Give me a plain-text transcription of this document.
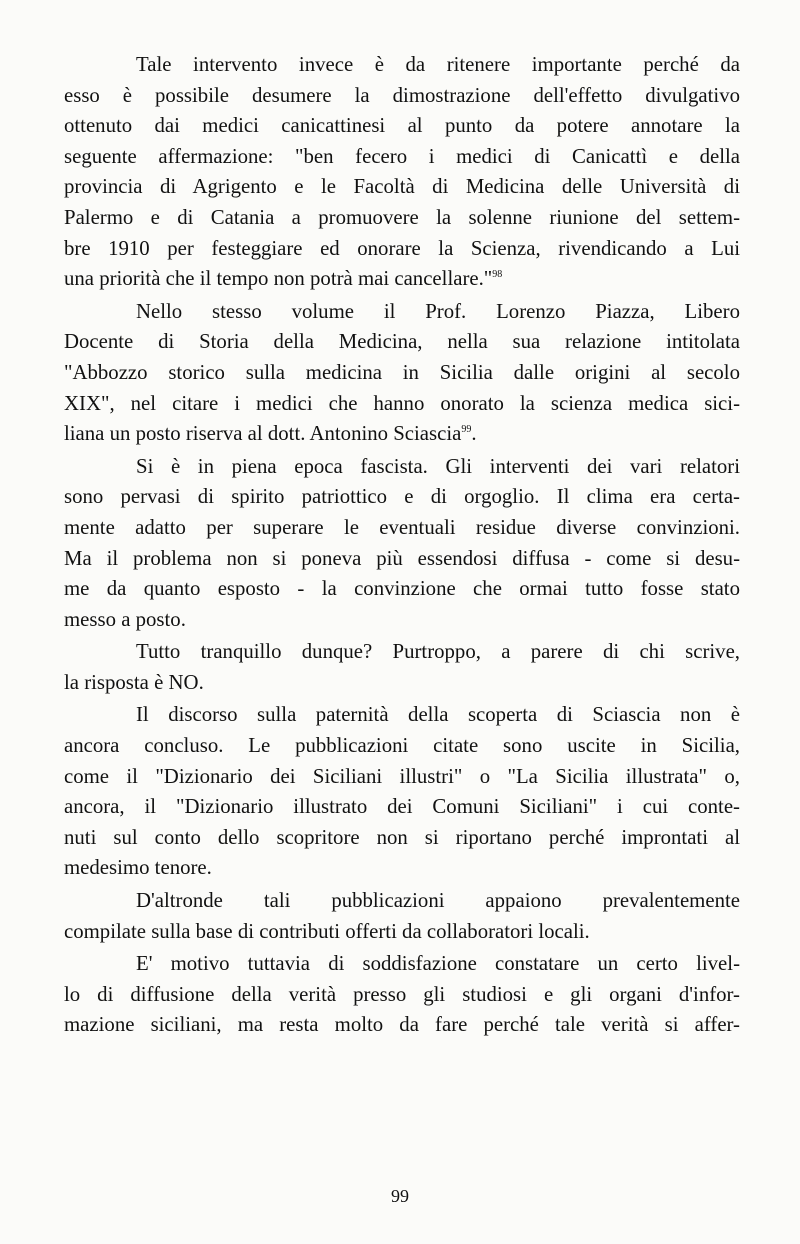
Tale intervento invece è da ritenere importante perché da
esso è possibile desumere la dimostrazione dell'effetto divulgativo
ottenuto dai medici canicattinesi al punto da potere annotare la
seguente affermazione: "ben fecero i medici di Canicattì e della
provincia di Agrigento e le Facoltà di Medicina delle Università di
Palermo e di Catania a promuovere la solenne riunione del settem-
bre 1910 per festeggiare ed onorare la Scienza, rivendicando a Lui
una priorità che il tempo non potrà mai cancellare."$^{98}$

Nello stesso volume il Prof. Lorenzo Piazza, Libero
Docente di Storia della Medicina, nella sua relazione intitolata
"Abbozzo storico sulla medicina in Sicilia dalle origini al secolo
XIX", nel citare i medici che hanno onorato la scienza medica sici-
liana un posto riserva al dott. Antonino Sciascia$^{99}$.

Si è in piena epoca fascista. Gli interventi dei vari relatori
sono pervasi di spirito patriottico e di orgoglio. Il clima era certa-
mente adatto per superare le eventuali residue diverse convinzioni.
Ma il problema non si poneva più essendosi diffusa - come si desu-
me da quanto esposto - la convinzione che ormai tutto fosse stato
messo a posto.

Tutto tranquillo dunque? Purtroppo, a parere di chi scrive,
la risposta è NO.

Il discorso sulla paternità della scoperta di Sciascia non è
ancora concluso. Le pubblicazioni citate sono uscite in Sicilia,
come il "Dizionario dei Siciliani illustri" o "La Sicilia illustrata" o,
ancora, il "Dizionario illustrato dei Comuni Siciliani" i cui conte-
nuti sul conto dello scopritore non si riportano perché improntati al
medesimo tenore.

D'altronde tali pubblicazioni appaiono prevalentemente
compilate sulla base di contributi offerti da collaboratori locali.

E' motivo tuttavia di soddisfazione constatare un certo livel-
lo di diffusione della verità presso gli studiosi e gli organi d'infor-
mazione siciliani, ma resta molto da fare perché tale verità si affer-

99
